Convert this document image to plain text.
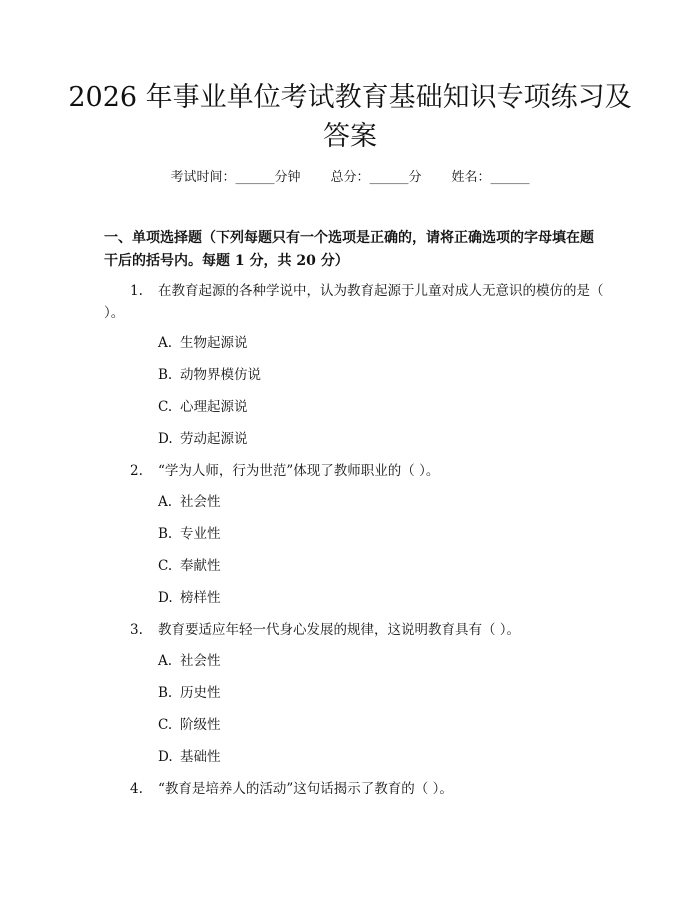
2026 年事业单位考试教育基础知识专项练习及答案
考试时间：______分钟 总分：______分 姓名：______

一、单项选择题（下列每题只有一个选项是正确的，请将正确选项的字母填在题干后的括号内。每题 1 分，共 20 分）

1. 在教育起源的各种学说中，认为教育起源于儿童对成人无意识的模仿的是（ ）。
A. 生物起源说
B. 动物界模仿说
C. 心理起源说
D. 劳动起源说
2. “学为人师，行为世范”体现了教师职业的（ ）。
A. 社会性
B. 专业性
C. 奉献性
D. 榜样性
3. 教育要适应年轻一代身心发展的规律，这说明教育具有（ ）。
A. 社会性
B. 历史性
C. 阶级性
D. 基础性
4. “教育是培养人的活动”这句话揭示了教育的（ ）。
